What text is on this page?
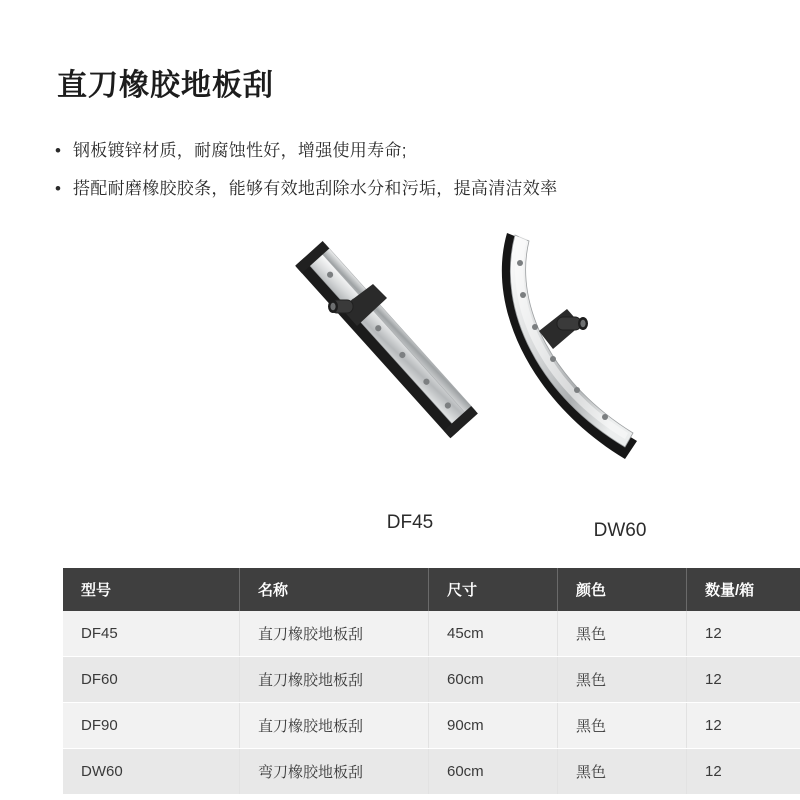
直刀橡胶地板刮
• 钢板镀锌材质，耐腐蚀性好，增强使用寿命;
• 搭配耐磨橡胶胶条，能够有效地刮除水分和污垢，提高清洁效率
DF45	DW60
型号	名称	尺寸	颜色	数量/箱
DF45	直刀橡胶地板刮	45cm	黑色	12
DF60	直刀橡胶地板刮	60cm	黑色	12
DF90	直刀橡胶地板刮	90cm	黑色	12
DW60	弯刀橡胶地板刮	60cm	黑色	12
